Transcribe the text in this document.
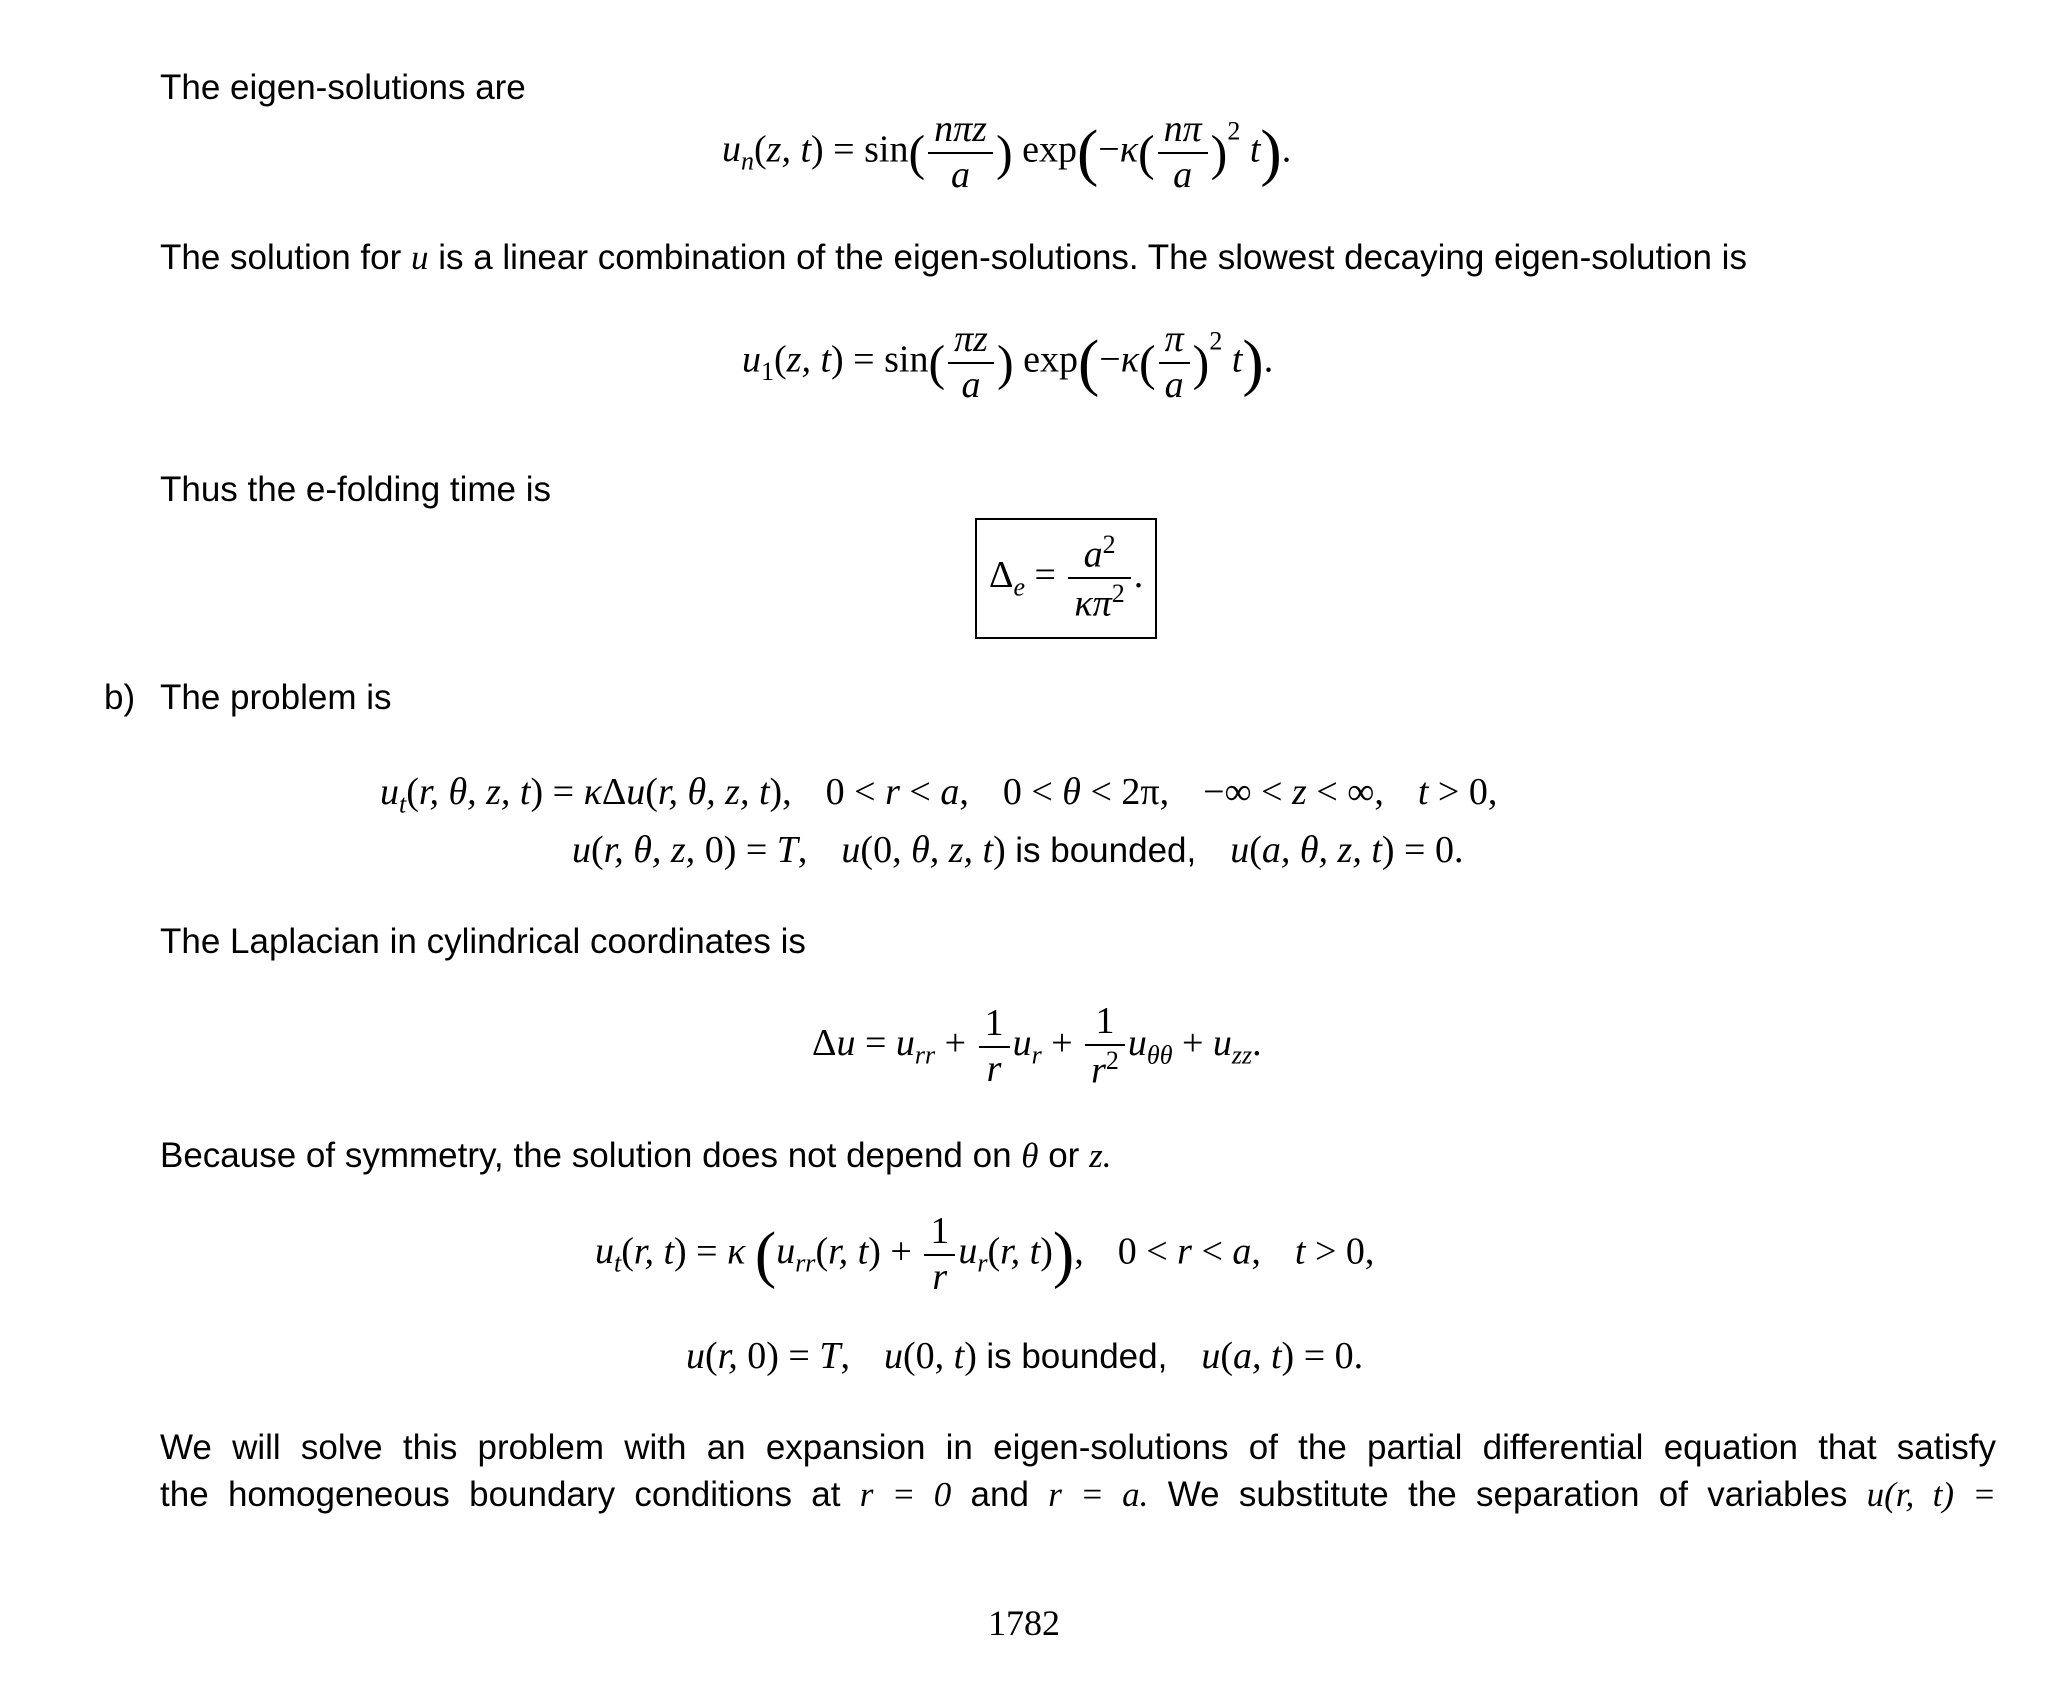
The eigen-solutions are
$u_n(z$, $t) = \sin( \frac{\text{nπz}}{a}$ ) $\exp(-\kappa( \frac{n\pi}{a} )^2$ t).
The solution for u is a linear combination of the eigen-solutions. The slowest decaying eigen-solution is
$u_1(z$, $t) = \sin( \frac{\pi z}{a}$ ) $\exp(-\kappa( \frac{\pi}{a} )^2$ t).
Thus the e-folding time is
$\Delta_e = \frac{a^2}{\kappa\pi^2}$ .
b) The problem is
$u_t(r$, θ, z, t) = κΔu(r, θ, z, t), 0 < r < a, 0 < θ < 2π, −∞ < z < ∞, t > 0,
u(r, θ, z, 0) = T, u(0, θ, z, t) is bounded, u(a, θ, z, t) = 0.
The Laplacian in cylindrical coordinates is
$\Delta u = u_{rr} + \frac{1}{r} u_r + \frac{1}{r^2} u_{\theta\theta} + u_{zz}$.
Because of symmetry, the solution does not depend on θ or z.
$u_t(r$, t) = κ ($u_{rr}(r$, $t) + \frac{1}{r} u_r(r$, t)), 0 < r < a, t > 0,
u(r, 0) = T, u(0, t) is bounded, u(a, t) = 0.
We will solve this problem with an expansion in eigen-solutions of the partial differential equation that satisfy
the homogeneous boundary conditions at r = 0 and r = a. We substitute the separation of variables u(r, t) =
1782
